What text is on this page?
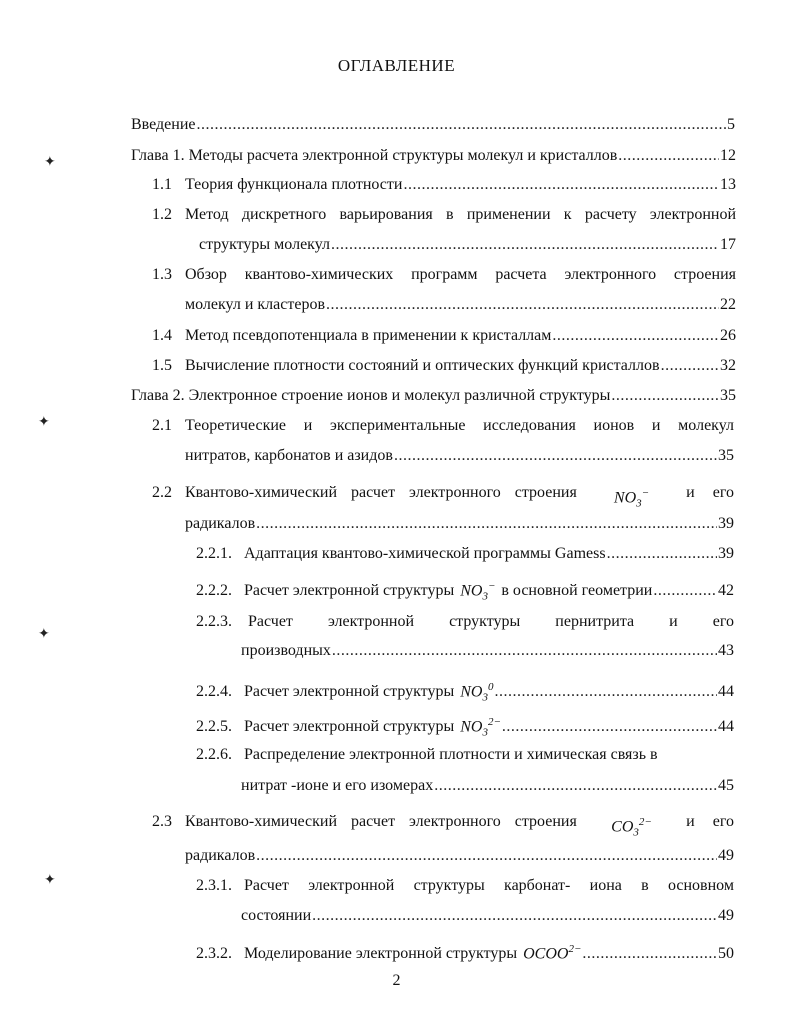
ОГЛАВЛЕНИЕ
Введение .....	5
Глава 1. Методы расчета электронной структуры молекул и кристаллов .....	12
1.1 Теория функционала плотности .....	13
1.2 Метод дискретного варьирования в применении к расчету электронной
структуры молекул .....	17
1.3 Обзор квантово-химических программ расчета электронного строения
молекул и кластеров .....	22
1.4 Метод псевдопотенциала в применении к кристаллам .....	26
1.5 Вычисление плотности состояний и оптических функций кристаллов .....	32
Глава 2. Электронное строение ионов и молекул различной структуры .....	35
2.1 Теоретические и экспериментальные исследования ионов и молекул
нитратов, карбонатов и азидов .....	35
2.2 Квантово-химический расчет электронного строения $NO_3^-$ и его
радикалов .....	39
2.2.1. Адаптация квантово-химической программы Gamess .....	39
2.2.2. Расчет электронной структуры $NO_3^-$ в основной геометрии .....	42
2.2.3.	Расчет электронной структуры пернитрита и его
производных .....	43
2.2.4. Расчет электронной структуры $NO_3^0$ .....	44
2.2.5. Расчет электронной структуры $NO_3^{2-}$ .....	44
2.2.6. Распределение электронной плотности и химическая связь в
нитрат -ионе и его изомерах .....	45
2.3 Квантово-химический расчет электронного строения $CO_3^{2-}$ и его
радикалов .....	49
2.3.1. Расчет электронной структуры карбонат- иона в основном
состоянии .....	49
2.3.2. Моделирование электронной структуры $OCOO^{2-}$ .....	50
✦
✦
✦
✦
2
